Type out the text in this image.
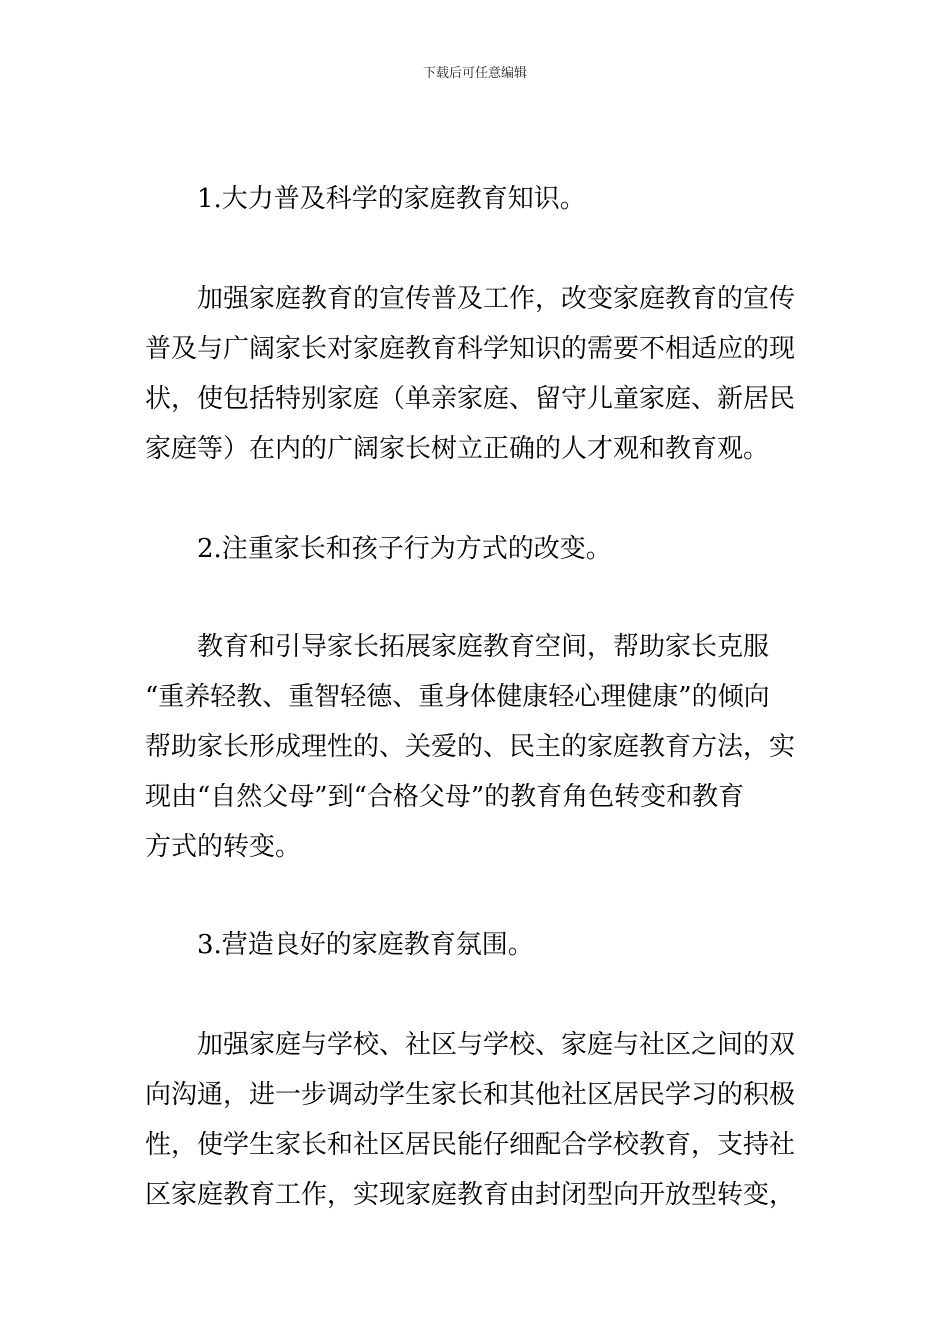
下载后可任意编辑
1.大力普及科学的家庭教育知识。
加强家庭教育的宣传普及工作，改变家庭教育的宣传
普及与广阔家长对家庭教育科学知识的需要不相适应的现
状，使包括特别家庭（单亲家庭、留守儿童家庭、新居民
家庭等）在内的广阔家长树立正确的人才观和教育观。
2.注重家长和孩子行为方式的改变。
教育和引导家长拓展家庭教育空间，帮助家长克服
“重养轻教、重智轻德、重身体健康轻心理健康”的倾向
帮助家长形成理性的、关爱的、民主的家庭教育方法，实
现由“自然父母”到“合格父母”的教育角色转变和教育
方式的转变。
3.营造良好的家庭教育氛围。
加强家庭与学校、社区与学校、家庭与社区之间的双
向沟通，进一步调动学生家长和其他社区居民学习的积极
性，使学生家长和社区居民能仔细配合学校教育，支持社
区家庭教育工作，实现家庭教育由封闭型向开放型转变，
